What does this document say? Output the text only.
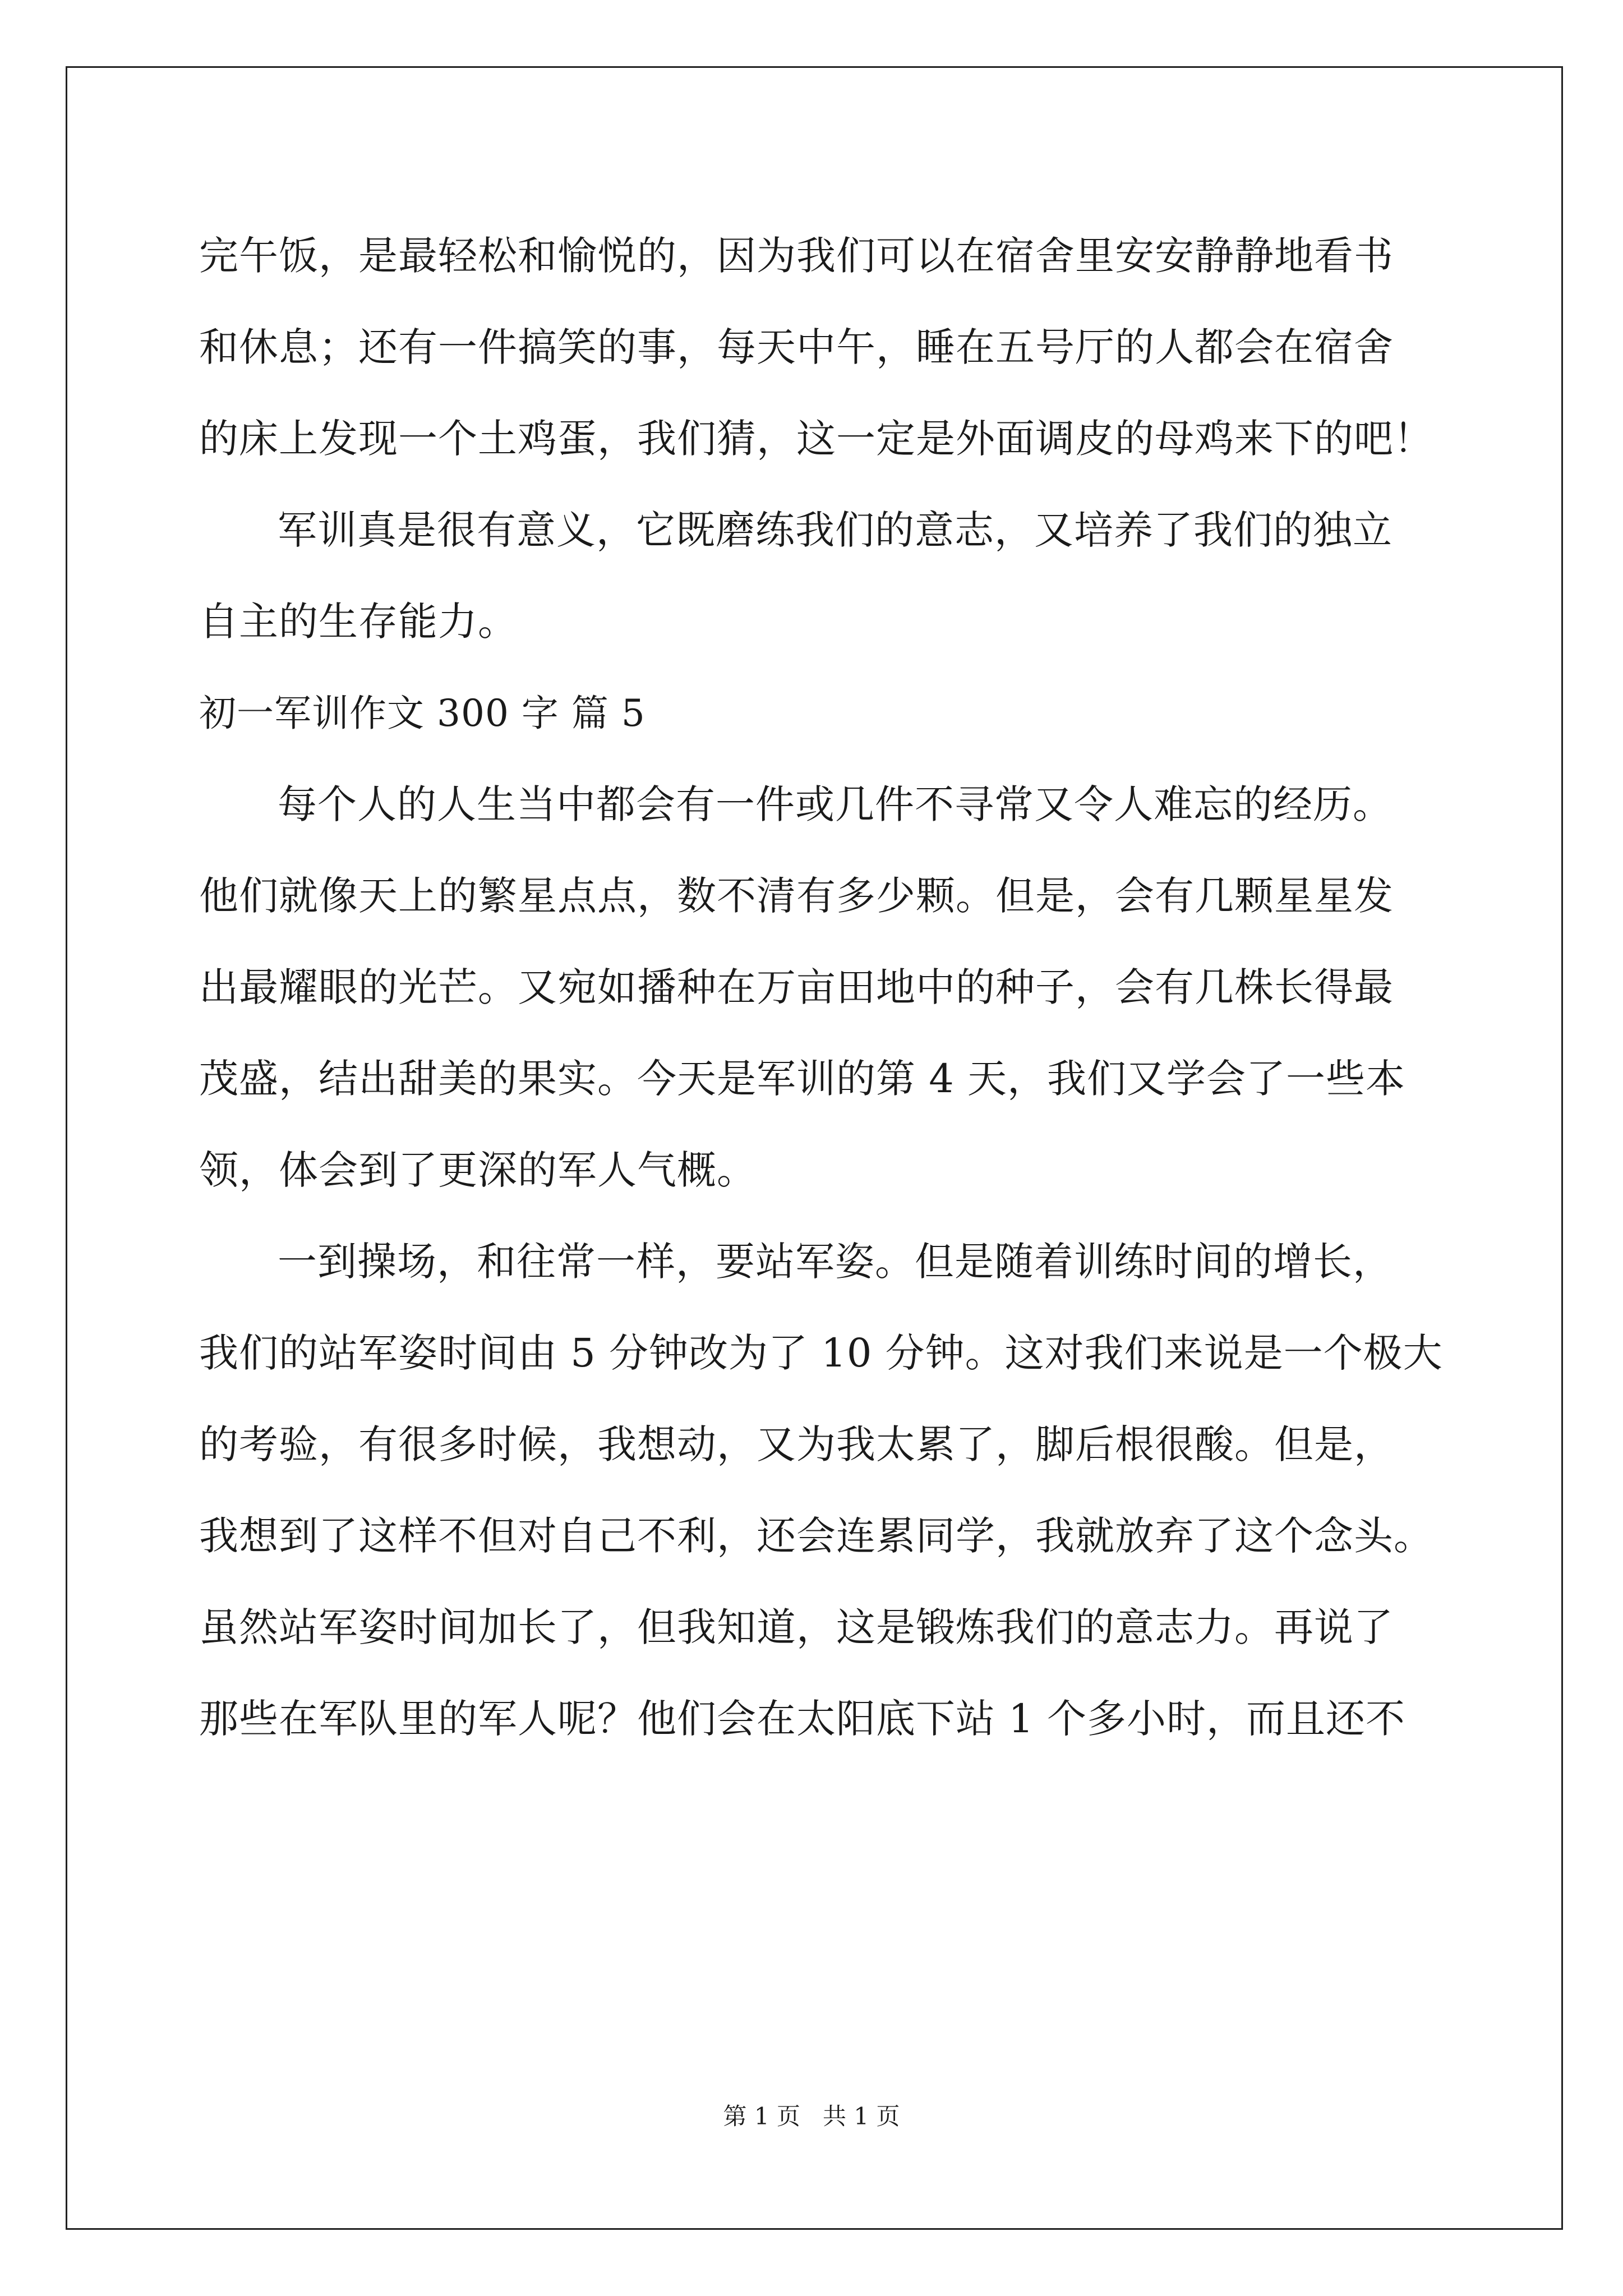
完午饭，是最轻松和愉悦的，因为我们可以在宿舍里安安静静地看书

和休息；还有一件搞笑的事，每天中午，睡在五号厅的人都会在宿舍

的床上发现一个土鸡蛋，我们猜，这一定是外面调皮的母鸡来下的吧！

军训真是很有意义，它既磨练我们的意志，又培养了我们的独立

自主的生存能力。

初一军训作文 300 字 篇 5

每个人的人生当中都会有一件或几件不寻常又令人难忘的经历。

他们就像天上的繁星点点，数不清有多少颗。但是，会有几颗星星发

出最耀眼的光芒。又宛如播种在万亩田地中的种子，会有几株长得最

茂盛，结出甜美的果实。今天是军训的第 4 天，我们又学会了一些本

领，体会到了更深的军人气概。

一到操场，和往常一样，要站军姿。但是随着训练时间的增长，

我们的站军姿时间由 5 分钟改为了 10 分钟。这对我们来说是一个极大

的考验，有很多时候，我想动，又为我太累了，脚后根很酸。但是，

我想到了这样不但对自己不利，还会连累同学，我就放弃了这个念头。

虽然站军姿时间加长了，但我知道，这是锻炼我们的意志力。再说了

那些在军队里的军人呢？他们会在太阳底下站 1 个多小时，而且还不

第 1 页   共 1 页
